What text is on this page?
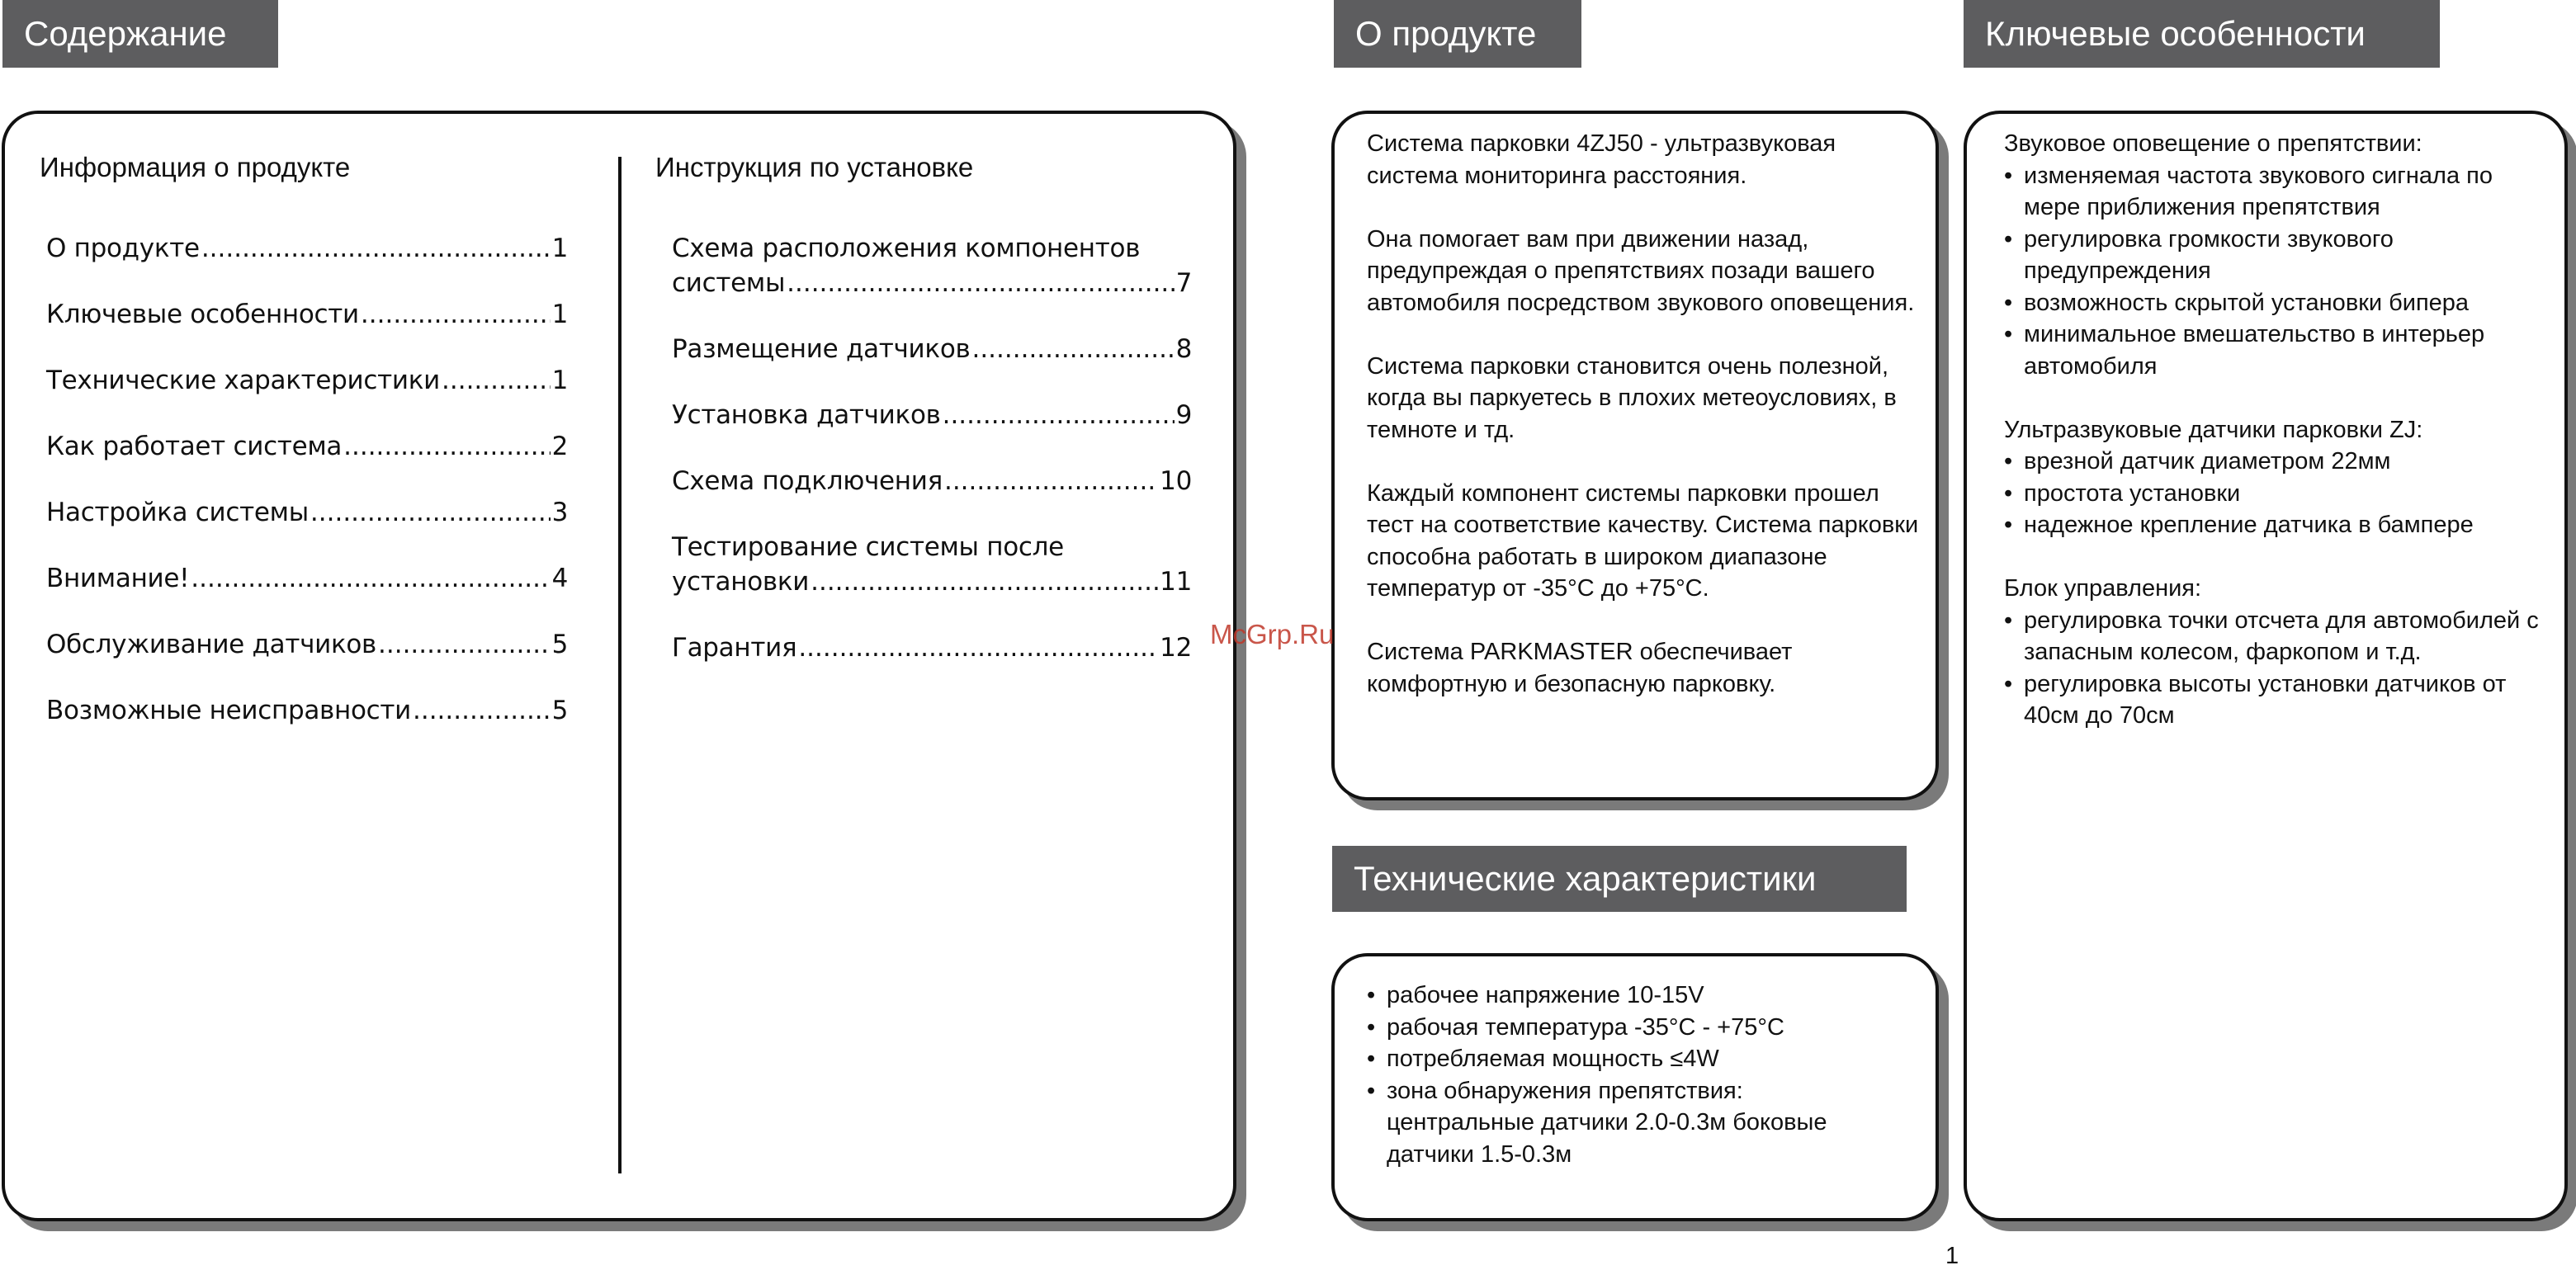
Содержание	О продукте	Ключевые особенности
Технические характеристики
Информация о продукте	Инструкция по установке
О продукте .....	1
Ключевые особенности .....	1
Технические характеристики .....	1
Как работает система .....	2
Настройка системы .....	3
Внимание! .....	4
Обслуживание датчиков .....	5
Возможные неисправности .....	5
Схема расположения компонентов
системы .....	7
Размещение датчиков .....	8
Установка датчиков .....	9
Схема подключения .....	10
Тестирование системы после
установки .....	11
Гарантия .....	12

Система парковки 4ZJ50 - ультразвуковая система мониторинга расстояния.

Она помогает вам при движении назад, предупреждая о препятствиях позади вашего автомобиля посредством звукового оповещения.

Система парковки становится очень полезной, когда вы паркуетесь в плохих метеоусловиях, в темноте и тд.

Каждый компонент системы парковки прошел тест на соответствие качеству. Система парковки способна работать в широком диапазоне температур от -35°С до +75°С.

Система PARKMASTER обеспечивает комфортную и безопасную парковку.

• рабочее напряжение 10-15V
• рабочая температура -35°С - +75°С
• потребляемая мощность ≤4W
• зона обнаружения препятствия: центральные датчики 2.0-0.3м боковые датчики 1.5-0.3м

Звуковое оповещение о препятствии:

• изменяемая частота звукового сигнала по мере приближения препятствия
• регулировка громкости звукового предупреждения
• возможность скрытой установки бипера
• минимальное вмешательство в интерьер автомобиля

Ультразвуковые датчики парковки ZJ:

• врезной датчик диаметром 22мм
• простота установки
• надежное крепление датчика в бампере

Блок управления:

• регулировка точки отсчета для автомобилей с запасным колесом, фаркопом и т.д.
• регулировка высоты установки датчиков от 40см до 70см
McGrp.Ru
1
